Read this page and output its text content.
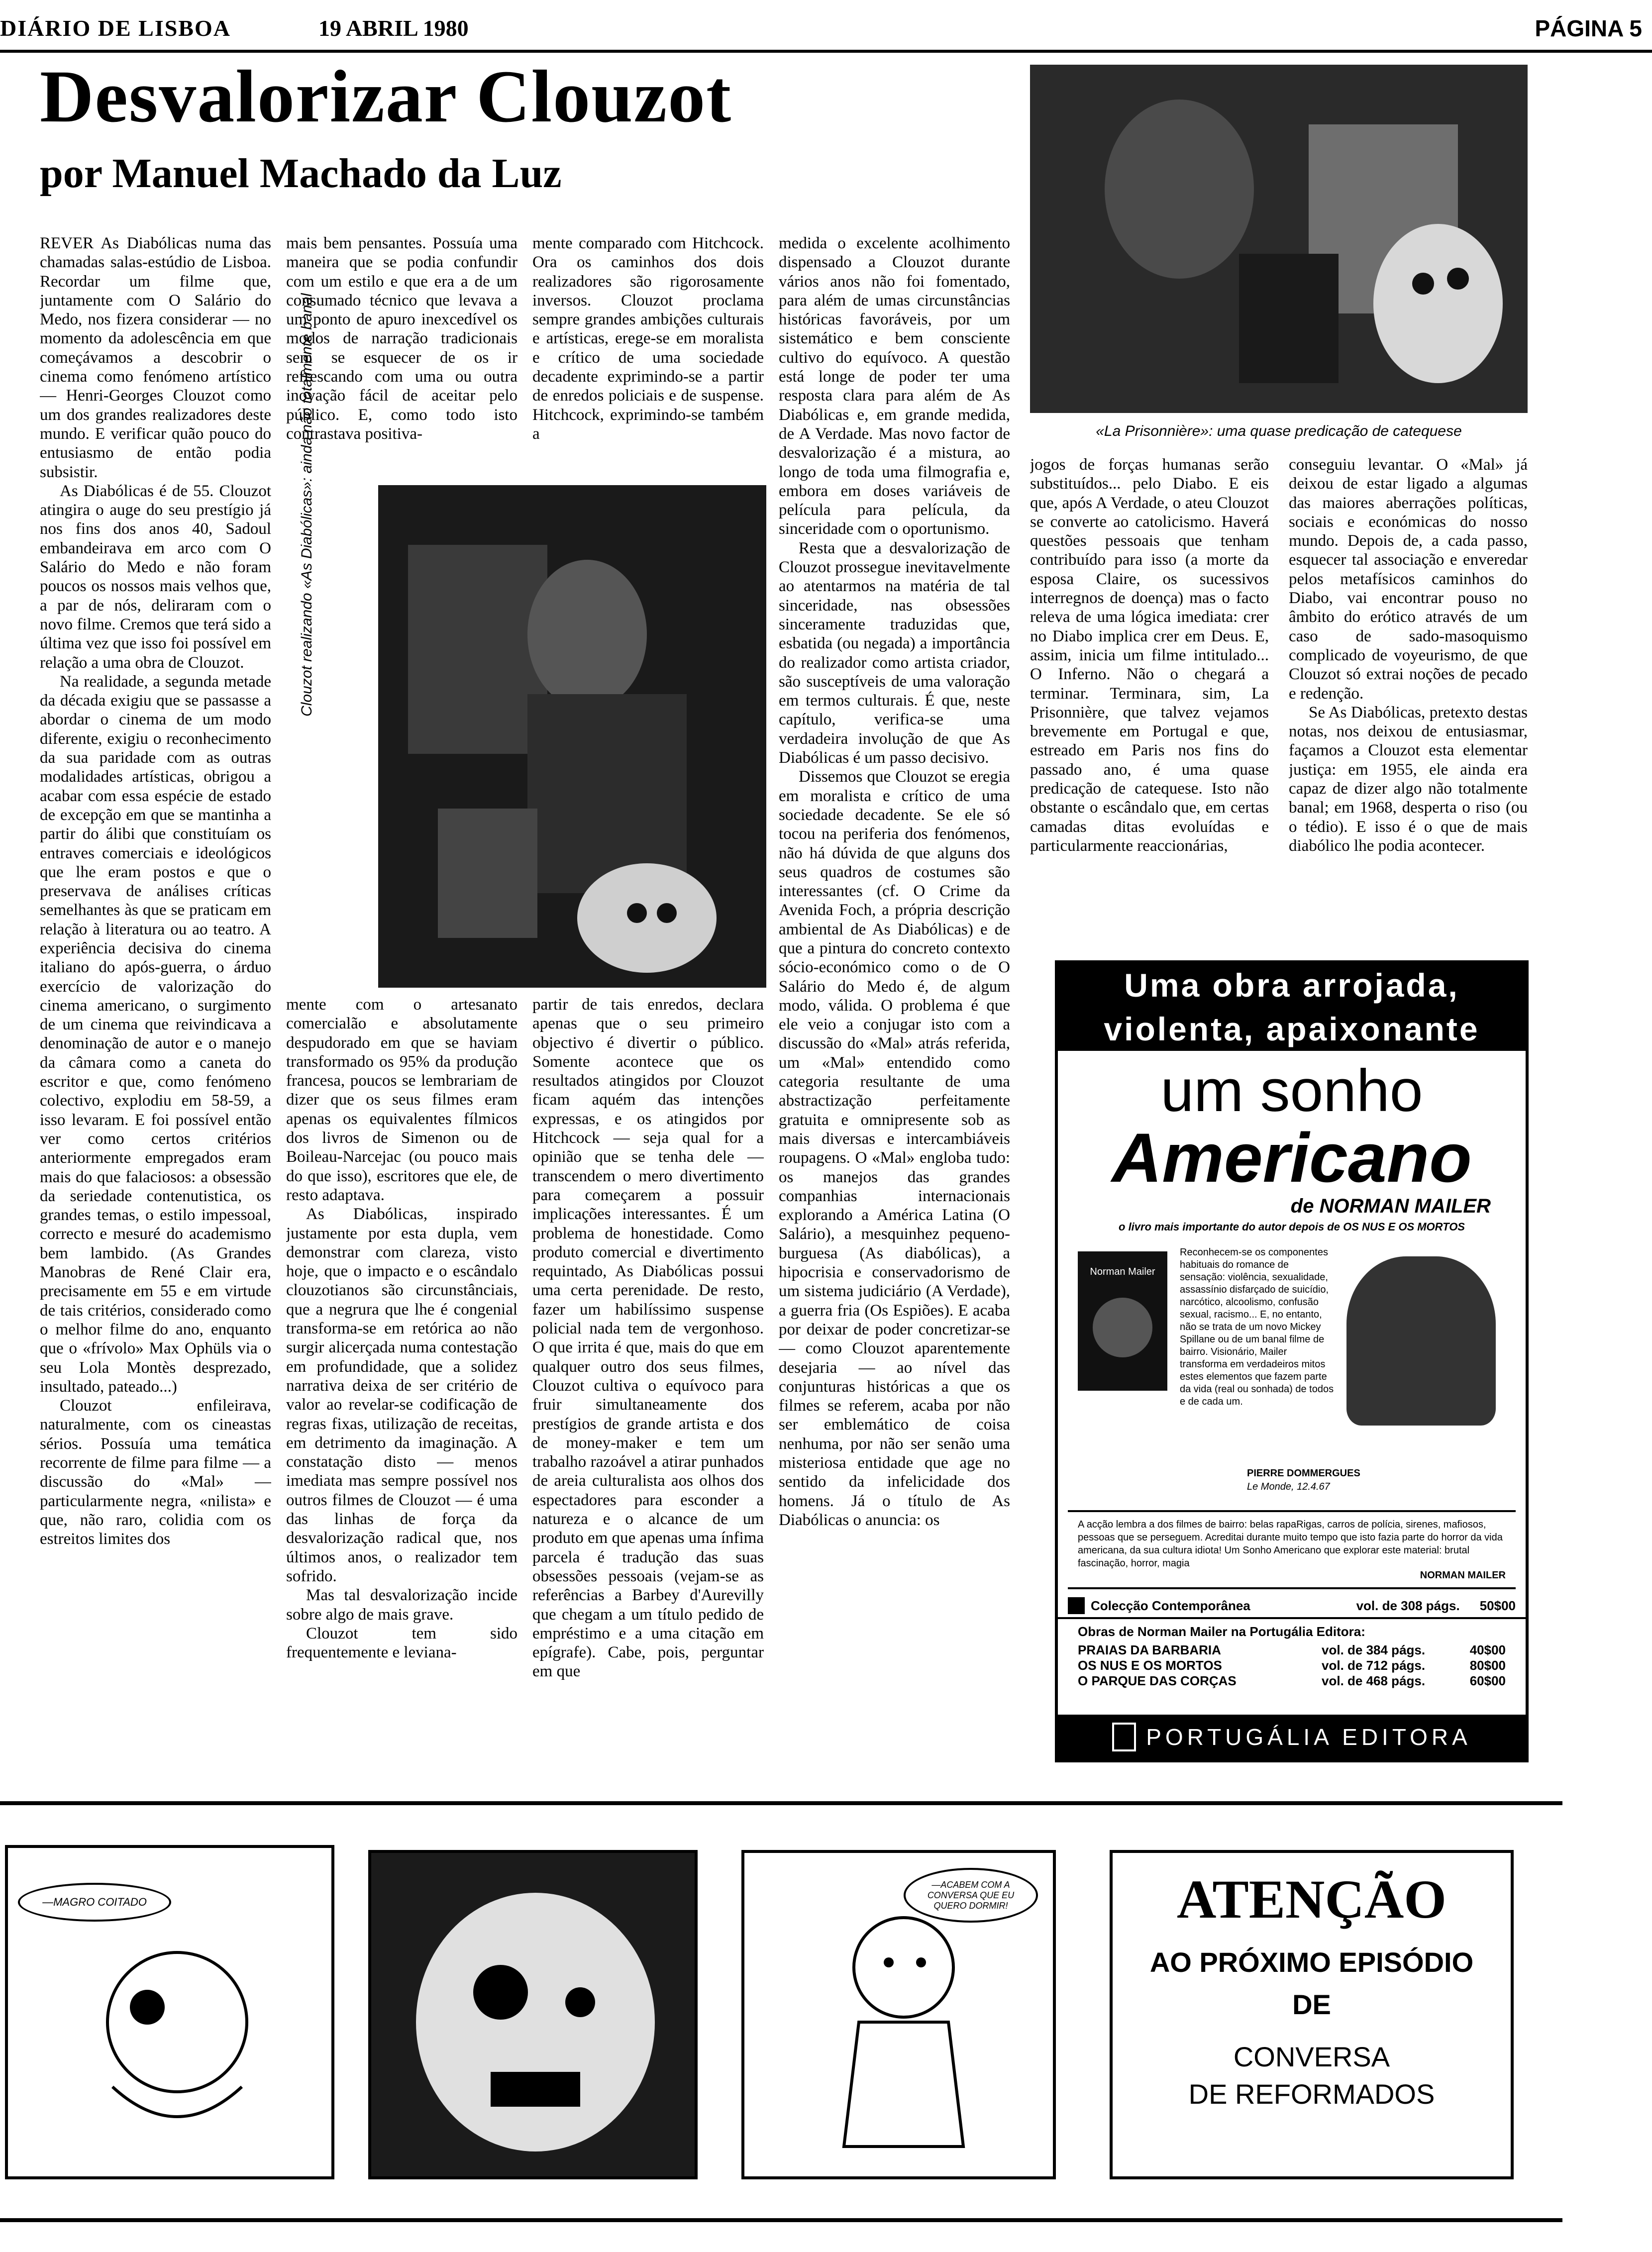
DIÁRIO DE LISBOA	19 ABRIL 1980	PÁGINA 5
Desvalorizar Clouzot
por Manuel Machado da Luz

REVER As Diabólicas numa das chamadas salas-estúdio de Lisboa. Recordar um filme que, juntamente com O Salário do Medo, nos fizera considerar — no momento da adolescência em que começávamos a descobrir o cinema como fenómeno artístico — Henri-Georges Clouzot como um dos grandes realizadores deste mundo. E verificar quão pouco do entusiasmo de então podia subsistir.

As Diabólicas é de 55. Clouzot atingira o auge do seu prestígio já nos fins dos anos 40, Sadoul embandeirava em arco com O Salário do Medo e não foram poucos os nossos mais velhos que, a par de nós, deliraram com o novo filme. Cremos que terá sido a última vez que isso foi possível em relação a uma obra de Clouzot.

Na realidade, a segunda metade da década exigiu que se passasse a abordar o cinema de um modo diferente, exigiu o reconhecimento da sua paridade com as outras modalidades artísticas, obrigou a acabar com essa espécie de estado de excepção em que se mantinha a partir do álibi que constituíam os entraves comerciais e ideológicos que lhe eram postos e que o preservava de análises críticas semelhantes às que se praticam em relação à literatura ou ao teatro. A experiência decisiva do cinema italiano do após-guerra, o árduo exercício de valorização do cinema americano, o surgimento de um cinema que reivindicava a denominação de autor e o manejo da câmara como a caneta do escritor e que, como fenómeno colectivo, explodiu em 58-59, a isso levaram. E foi possível então ver como certos critérios anteriormente empregados eram mais do que falaciosos: a obsessão da seriedade contenutistica, os grandes temas, o estilo impessoal, correcto e mesuré do academismo bem lambido. (As Grandes Manobras de René Clair era, precisamente em 55 e em virtude de tais critérios, considerado como o melhor filme do ano, enquanto que o «frívolo» Max Ophüls via o seu Lola Montès desprezado, insultado, pateado...)

Clouzot enfileirava, naturalmente, com os cineastas sérios. Possuía uma temática recorrente de filme para filme — a discussão do «Mal» — particularmente negra, «nilista» e que, não raro, colidia com os estreitos limites dos

mais bem pensantes. Possuía uma maneira que se podia confundir com um estilo e que era a de um consumado técnico que levava a um ponto de apuro inexcedível os modos de narração tradicionais sem se esquecer de os ir refrescando com uma ou outra inovação fácil de aceitar pelo público. E, como todo isto contrastava positiva-

mente comparado com Hitchcock. Ora os caminhos dos dois realizadores são rigorosamente inversos. Clouzot proclama sempre grandes ambições culturais e artísticas, erege-se em moralista e crítico de uma sociedade decadente exprimindo-se a partir de enredos policiais e de suspense. Hitchcock, exprimindo-se também a

Clouzot realizando «As Diabólicas»: ainda não totalmente banal

mente com o artesanato comercialão e absolutamente despudorado em que se haviam transformado os 95% da produção francesa, poucos se lembrariam de dizer que os seus filmes eram apenas os equivalentes fílmicos dos livros de Simenon ou de Boileau-Narcejac (ou pouco mais do que isso), escritores que ele, de resto adaptava.

As Diabólicas, inspirado justamente por esta dupla, vem demonstrar com clareza, visto hoje, que o impacto e o escândalo clouzotianos são circunstânciais, que a negrura que lhe é congenial transforma-se em retórica ao não surgir alicerçada numa contestação em profundidade, que a solidez narrativa deixa de ser critério de valor ao revelar-se codificação de regras fixas, utilização de receitas, em detrimento da imaginação. A constatação disto — menos imediata mas sempre possível nos outros filmes de Clouzot — é uma das linhas de força da desvalorização radical que, nos últimos anos, o realizador tem sofrido.

Mas tal desvalorização incide sobre algo de mais grave.

Clouzot tem sido frequentemente e leviana-

partir de tais enredos, declara apenas que o seu primeiro objectivo é divertir o público. Somente acontece que os resultados atingidos por Clouzot ficam aquém das intenções expressas, e os atingidos por Hitchcock — seja qual for a opinião que se tenha dele — transcendem o mero divertimento para começarem a possuir implicações interessantes. É um problema de honestidade. Como produto comercial e divertimento requintado, As Diabólicas possui uma certa perenidade. De resto, fazer um habilíssimo suspense policial nada tem de vergonhoso. O que irrita é que, mais do que em qualquer outro dos seus filmes, Clouzot cultiva o equívoco para fruir simultaneamente dos prestígios de grande artista e dos de money-maker e tem um trabalho razoável a atirar punhados de areia culturalista aos olhos dos espectadores para esconder a natureza e o alcance de um produto em que apenas uma ínfima parcela é tradução das suas obsessões pessoais (vejam-se as referências a Barbey d'Aurevilly que chegam a um título pedido de empréstimo e a uma citação em epígrafe). Cabe, pois, perguntar em que

medida o excelente acolhimento dispensado a Clouzot durante vários anos não foi fomentado, para além de umas circunstâncias históricas favoráveis, por um sistemático e bem consciente cultivo do equívoco. A questão está longe de poder ter uma resposta clara para além de As Diabólicas e, em grande medida, de A Verdade. Mas novo factor de desvalorização é a mistura, ao longo de toda uma filmografia e, embora em doses variáveis de película para película, da sinceridade com o oportunismo.

Resta que a desvalorização de Clouzot prossegue inevitavelmente ao atentarmos na matéria de tal sinceridade, nas obsessões sinceramente traduzidas que, esbatida (ou negada) a importância do realizador como artista criador, são susceptíveis de uma valoração em termos culturais. É que, neste capítulo, verifica-se uma verdadeira involução de que As Diabólicas é um passo decisivo.

Dissemos que Clouzot se eregia em moralista e crítico de uma sociedade decadente. Se ele só tocou na periferia dos fenómenos, não há dúvida de que alguns dos seus quadros de costumes são interessantes (cf. O Crime da Avenida Foch, a própria descrição ambiental de As Diabólicas) e de que a pintura do concreto contexto sócio-económico como o de O Salário do Medo é, de algum modo, válida. O problema é que ele veio a conjugar isto com a discussão do «Mal» atrás referida, um «Mal» entendido como categoria resultante de uma abstractização perfeitamente gratuita e omnipresente sob as mais diversas e intercambiáveis roupagens. O «Mal» engloba tudo: os manejos das grandes companhias internacionais explorando a América Latina (O Salário), a mesquinhez pequeno-burguesa (As diabólicas), a hipocrisia e conservadorismo de um sistema judiciário (A Verdade), a guerra fria (Os Espiões). E acaba por deixar de poder concretizar-se — como Clouzot aparentemente desejaria — ao nível das conjunturas históricas a que os filmes se referem, acaba por não ser emblemático de coisa nenhuma, por não ser senão uma misteriosa entidade que age no sentido da infelicidade dos homens. Já o título de As Diabólicas o anuncia: os

«La Prisonnière»: uma quase predicação de catequese

jogos de forças humanas serão substituídos... pelo Diabo. E eis que, após A Verdade, o ateu Clouzot se converte ao catolicismo. Haverá questões pessoais que tenham contribuído para isso (a morte da esposa Claire, os sucessivos interregnos de doença) mas o facto releva de uma lógica imediata: crer no Diabo implica crer em Deus. E, assim, inicia um filme intitulado... O Inferno. Não o chegará a terminar. Terminara, sim, La Prisonnière, que talvez vejamos brevemente em Portugal e que, estreado em Paris nos fins do passado ano, é uma quase predicação de catequese. Isto não obstante o escândalo que, em certas camadas ditas evoluídas e particularmente reaccionárias,

conseguiu levantar. O «Mal» já deixou de estar ligado a algumas das maiores aberrações políticas, sociais e económicas do nosso mundo. Depois de, a cada passo, esquecer tal associação e enveredar pelos metafísicos caminhos do Diabo, vai encontrar pouso no âmbito do erótico através de um caso de sado-masoquismo complicado de voyeurismo, de que Clouzot só extrai noções de pecado e redenção.

Se As Diabólicas, pretexto destas notas, nos deixou de entusiasmar, façamos a Clouzot esta elementar justiça: em 1955, ele ainda era capaz de dizer algo não totalmente banal; em 1968, desperta o riso (ou o tédio). E isso é o que de mais diabólico lhe podia acontecer.

Uma obra arrojada,
violenta, apaixonante
um sonho
Americano
de NORMAN MAILER
o livro mais importante do autor depois de OS NUS E OS MORTOS
Norman Mailer
Reconhecem-se os componentes habituais do romance de sensação: violência, sexualidade, assassínio disfarçado de suicídio, narcótico, alcoolismo, confusão sexual, racismo... E, no entanto, não se trata de um novo Mickey Spillane ou de um banal filme de bairro. Visionário, Mailer transforma em verdadeiros mitos estes elementos que fazem parte da vida (real ou sonhada) de todos e de cada um.
PIERRE DOMMERGUES
Le Monde, 12.4.67
A acção lembra a dos filmes de bairro: belas rapaRigas, carros de polícia, sirenes, mafiosos, pessoas que se perseguem. Acreditai durante muito tempo que isto fazia parte do horror da vida americana, da sua cultura idiota! Um Sonho Americano que explorar este material: brutal fascinação, horror, magia
NORMAN MAILER
Colecção Contemporânea	vol. de 308 págs. 50$00
Obras de Norman Mailer na Portugália Editora:
PRAIAS DA BARBARIA	vol. de 384 págs.	40$00
OS NUS E OS MORTOS	vol. de 712 págs.	80$00
O PARQUE DAS CORÇAS	vol. de 468 págs.	60$00
PORTUGÁLIA EDITORA
—MAGRO COITADO
—ACABEM COM A CONVERSA QUE EU QUERO DORMIR!	ATENÇÃO
AO PRÓXIMO EPISÓDIO
DE
CONVERSA
DE REFORMADOS
